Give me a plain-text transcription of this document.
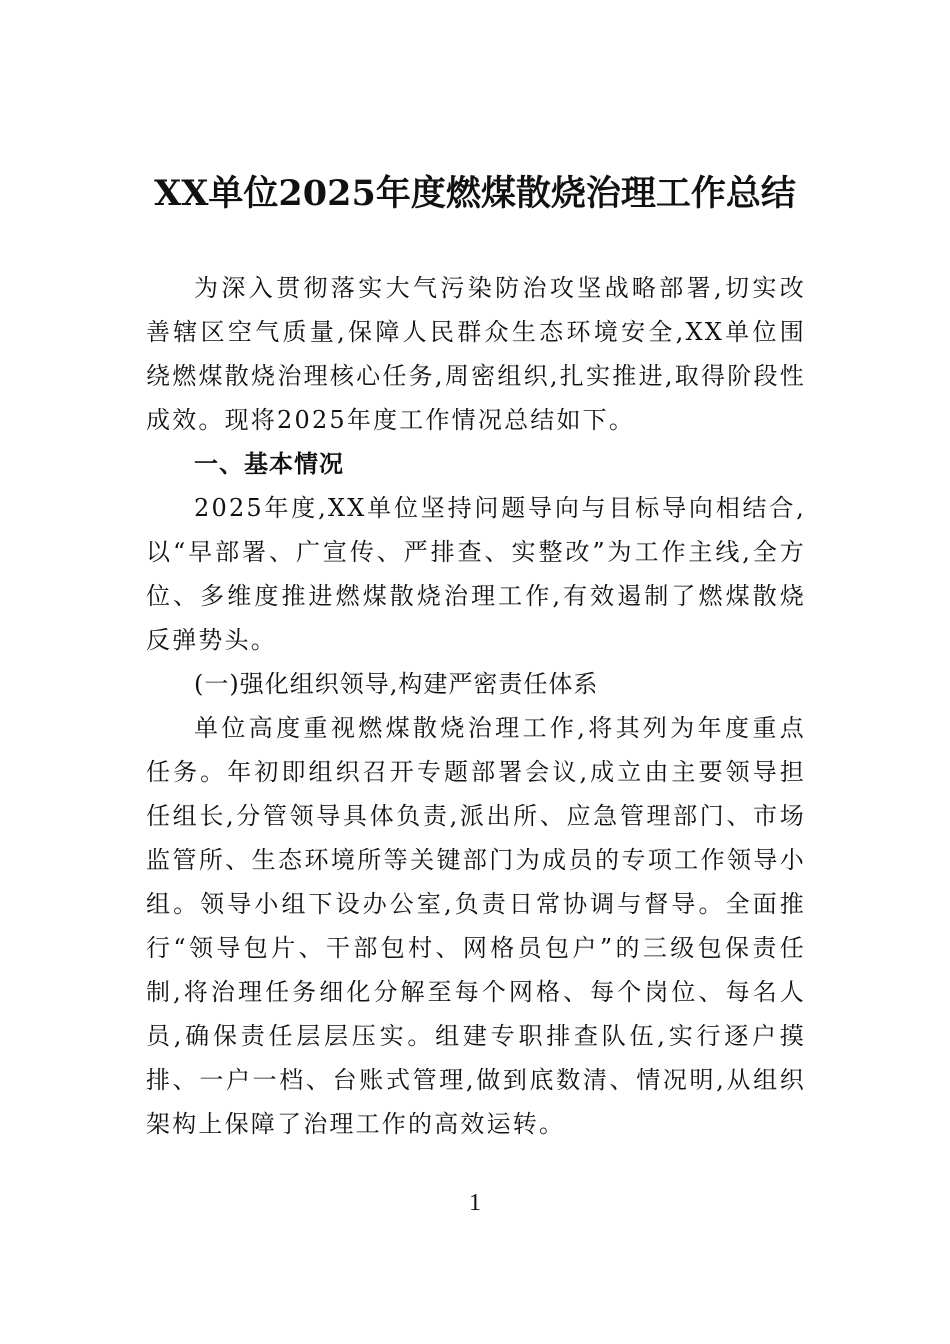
XX单位2025年度燃煤散烧治理工作总结

为深入贯彻落实大气污染防治攻坚战略部署,切实改善辖区空气质量,保障人民群众生态环境安全,XX单位围绕燃煤散烧治理核心任务,周密组织,扎实推进,取得阶段性成效。现将2025年度工作情况总结如下。

一、基本情况

2025年度,XX单位坚持问题导向与目标导向相结合,以“早部署、广宣传、严排查、实整改”为工作主线,全方位、多维度推进燃煤散烧治理工作,有效遏制了燃煤散烧反弹势头。

(一)强化组织领导,构建严密责任体系

单位高度重视燃煤散烧治理工作,将其列为年度重点任务。年初即组织召开专题部署会议,成立由主要领导担任组长,分管领导具体负责,派出所、应急管理部门、市场监管所、生态环境所等关键部门为成员的专项工作领导小组。领导小组下设办公室,负责日常协调与督导。全面推行“领导包片、干部包村、网格员包户”的三级包保责任制,将治理任务细化分解至每个网格、每个岗位、每名人员,确保责任层层压实。组建专职排查队伍,实行逐户摸排、一户一档、台账式管理,做到底数清、情况明,从组织架构上保障了治理工作的高效运转。

1
